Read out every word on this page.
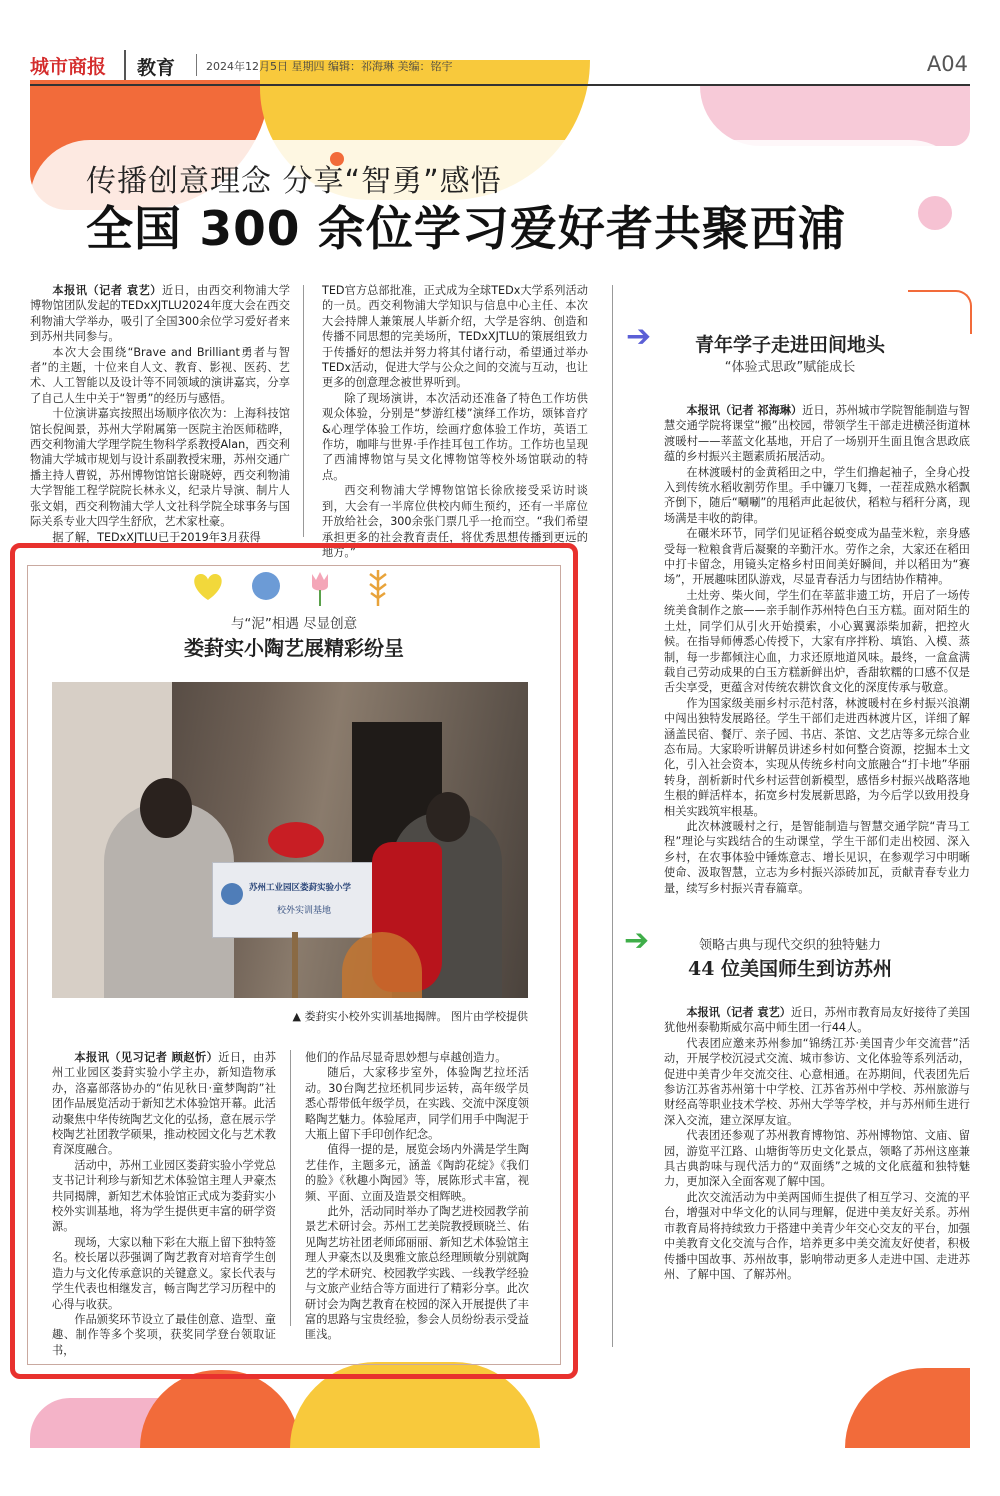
城市商报 教育	2024年12月5日 星期四 编辑：祁海琳 美编：铭宇	A04
传播创意理念 分享“智勇”感悟
全国 300 余位学习爱好者共聚西浦

本报讯（记者 袁艺）近日，由西交利物浦大学博物馆团队发起的TEDxXJTLU2024年度大会在西交利物浦大学举办，吸引了全国300余位学习爱好者来到苏州共同参与。

本次大会围绕“Brave and Brilliant勇者与智者”的主题，十位来自人文、教育、影视、医药、艺术、人工智能以及设计等不同领域的演讲嘉宾，分享了自己人生中关于“智勇”的经历与感悟。

十位演讲嘉宾按照出场顺序依次为：上海科技馆馆长倪闽景，苏州大学附属第一医院主治医师嵇晔，西交利物浦大学理学院生物科学系教授Alan，西交利物浦大学城市规划与设计系副教授宋珊，苏州交通广播主持人曹锐，苏州博物馆馆长谢晓婷，西交利物浦大学智能工程学院院长林永义，纪录片导演、制片人张文娟，西交利物浦大学人文社科学院全球事务与国际关系专业大四学生舒欣，艺术家杜豪。

据了解，TEDxXJTLU已于2019年3月获得

TED官方总部批准，正式成为全球TEDx大学系列活动的一员。西交利物浦大学知识与信息中心主任、本次大会持牌人兼策展人毕新介绍，大学是容纳、创造和传播不同思想的完美场所，TEDxXJTLU的策展组致力于传播好的想法并努力将其付诸行动，希望通过举办TEDx活动，促进大学与公众之间的交流与互动，也让更多的创意理念被世界听到。

除了现场演讲，本次活动还准备了特色工作坊供观众体验，分别是“梦游红楼”演绎工作坊，颂钵音疗&心理学体验工作坊，绘画疗愈体验工作坊，英语工作坊，咖啡与世界·手作挂耳包工作坊。工作坊也呈现了西浦博物馆与吴文化博物馆等校外场馆联动的特点。

西交利物浦大学博物馆馆长徐欣接受采访时谈到，大会有一半席位供校内师生预约，还有一半席位开放给社会，300余张门票几乎一抢而空。“我们希望承担更多的社会教育责任，将优秀思想传播到更远的地方。”

➔	青年学子走进田间地头
“体验式思政”赋能成长

本报讯（记者 祁海琳）近日，苏州城市学院智能制造与智慧交通学院将课堂“搬”出校园，带领学生干部走进横泾街道林渡暖村——莘蓝文化基地，开启了一场别开生面且饱含思政底蕴的乡村振兴主题素质拓展活动。

在林渡暖村的金黄稻田之中，学生们撸起袖子，全身心投入到传统水稻收割劳作里。手中镰刀飞舞，一茬茬成熟水稻飘齐倒下，随后“唰唰”的甩稻声此起彼伏，稻粒与稻秆分离，现场满是丰收的韵律。

在碾米环节，同学们见证稻谷蜕变成为晶莹米粒，亲身感受每一粒粮食背后凝聚的辛勤汗水。劳作之余，大家还在稻田中打卡留念，用镜头定格乡村田间美好瞬间，并以稻田为“赛场”，开展趣味团队游戏，尽显青春活力与团结协作精神。

土灶旁、柴火间，学生们在莘蓝非遗工坊，开启了一场传统美食制作之旅——亲手制作苏州特色白玉方糕。面对陌生的土灶，同学们从引火开始摸索，小心翼翼添柴加薪，把控火候。在指导师傅悉心传授下，大家有序拌粉、填馅、入模、蒸制，每一步都倾注心血，力求还原地道风味。最终，一盒盒满载自己劳动成果的白玉方糕新鲜出炉，香甜软糯的口感不仅是舌尖享受，更蕴含对传统农耕饮食文化的深度传承与敬意。

作为国家级美丽乡村示范村落，林渡暖村在乡村振兴浪潮中闯出独特发展路径。学生干部们走进西林渡片区，详细了解涵盖民宿、餐厅、亲子园、书店、茶馆、文艺店等多元综合业态布局。大家聆听讲解员讲述乡村如何整合资源，挖掘本土文化，引入社会资本，实现从传统乡村向文旅融合“打卡地”华丽转身，剖析新时代乡村运营创新模型，感悟乡村振兴战略落地生根的鲜活样本，拓宽乡村发展新思路，为今后学以致用投身相关实践筑牢根基。

此次林渡暖村之行，是智能制造与智慧交通学院“青马工程”理论与实践结合的生动课堂，学生干部们走出校园、深入乡村，在农事体验中锤炼意志、增长见识，在参观学习中明晰使命、汲取智慧，立志为乡村振兴添砖加瓦，贡献青春专业力量，续写乡村振兴青春篇章。

➔	领略古典与现代交织的独特魅力
44 位美国师生到访苏州

本报讯（记者 袁艺）近日，苏州市教育局友好接待了美国犹他州泰勒斯威尔高中师生团一行44人。

代表团应邀来苏州参加“锦绣江苏·美国青少年交流营”活动，开展学校沉浸式交流、城市参访、文化体验等系列活动，促进中美青少年交流交往、心意相通。在苏期间，代表团先后参访江苏省苏州第十中学校、江苏省苏州中学校、苏州旅游与财经高等职业技术学校、苏州大学等学校，并与苏州师生进行深入交流，建立深厚友谊。

代表团还参观了苏州教育博物馆、苏州博物馆、文庙、留园，游览平江路、山塘街等历史文化景点，领略了苏州这座兼具古典韵味与现代活力的“双面绣”之城的文化底蕴和独特魅力，更加深入全面客观了解中国。

此次交流活动为中美两国师生提供了相互学习、交流的平台，增强对中华文化的认同与理解，促进中美友好关系。苏州市教育局将持续致力于搭建中美青少年交心交友的平台，加强中美教育文化交流与合作，培养更多中美交流友好使者，积极传播中国故事、苏州故事，影响带动更多人走进中国、走进苏州、了解中国、了解苏州。

与“泥”相遇 尽显创意
娄葑实小陶艺展精彩纷呈
苏州工业园区娄葑实验小学
校外实训基地
▲ 娄葑实小校外实训基地揭牌。 图片由学校提供

本报讯（见习记者 顾赵忻）近日，由苏州工业园区娄葑实验小学主办，新知造物承办，洛嘉部落协办的“佑见秋日·童梦陶韵”社团作品展览活动于新知艺术体验馆开幕。此活动聚焦中华传统陶艺文化的弘扬，意在展示学校陶艺社团教学硕果，推动校园文化与艺术教育深度融合。

活动中，苏州工业园区娄葑实验小学党总支书记计利珍与新知艺术体验馆主理人尹豪杰共同揭牌，新知艺术体验馆正式成为娄葑实小校外实训基地，将为学生提供更丰富的研学资源。

现场，大家以釉下彩在大瓶上留下独特签名。校长屠以莎强调了陶艺教育对培育学生创造力与文化传承意识的关键意义。家长代表与学生代表也相继发言，畅言陶艺学习历程中的心得与收获。

作品颁奖环节设立了最佳创意、造型、童趣、制作等多个奖项，获奖同学登台领取证书，

他们的作品尽显奇思妙想与卓越创造力。

随后，大家移步室外，体验陶艺拉坯活动。30台陶艺拉坯机同步运转，高年级学员悉心帮带低年级学员，在实践、交流中深度领略陶艺魅力。体验尾声，同学们用手中陶泥于大瓶上留下手印创作纪念。

值得一提的是，展览会场内外满是学生陶艺佳作，主题多元，涵盖《陶韵花绽》《我们的脸》《秋趣小陶园》等，展陈形式丰富，视频、平面、立面及造景交相辉映。

此外，活动同时举办了陶艺进校园教学前景艺术研讨会。苏州工艺美院教授顾晓兰、佑见陶艺坊社团老师邱丽丽、新知艺术体验馆主理人尹豪杰以及奥雅文旅总经理顾敏分别就陶艺的学术研究、校园教学实践、一线教学经验与文旅产业结合等方面进行了精彩分享。此次研讨会为陶艺教育在校园的深入开展提供了丰富的思路与宝贵经验，参会人员纷纷表示受益匪浅。
